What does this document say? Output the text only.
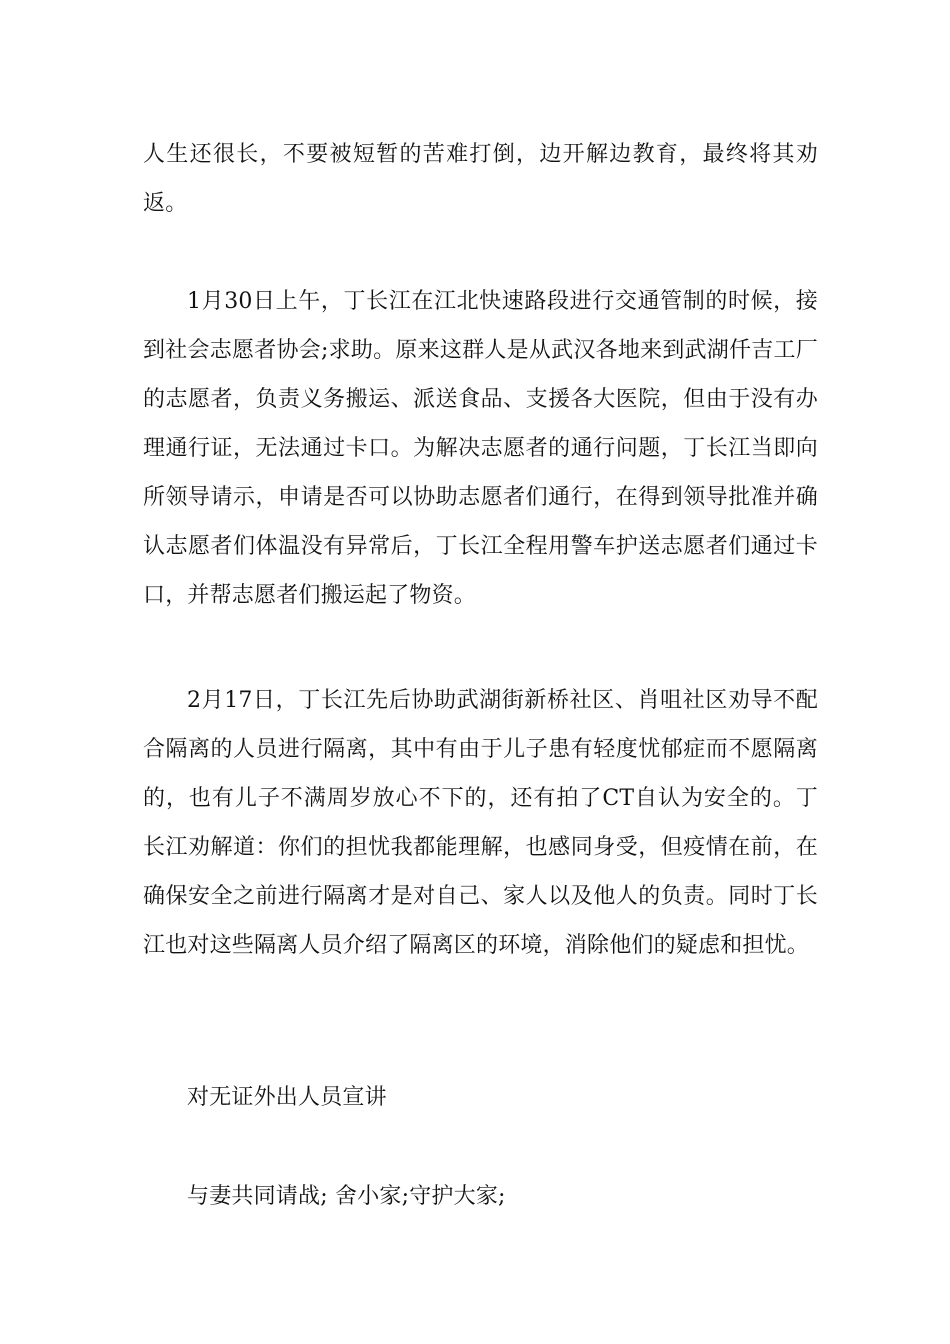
人生还很长，不要被短暂的苦难打倒，边开解边教育，最终将其劝返。

1月30日上午，丁长江在江北快速路段进行交通管制的时候，接到社会志愿者协会;求助。原来这群人是从武汉各地来到武湖仟吉工厂的志愿者，负责义务搬运、派送食品、支援各大医院，但由于没有办理通行证，无法通过卡口。为解决志愿者的通行问题，丁长江当即向所领导请示，申请是否可以协助志愿者们通行，在得到领导批准并确认志愿者们体温没有异常后，丁长江全程用警车护送志愿者们通过卡口，并帮志愿者们搬运起了物资。

2月17日，丁长江先后协助武湖街新桥社区、肖咀社区劝导不配合隔离的人员进行隔离，其中有由于儿子患有轻度忧郁症而不愿隔离的，也有儿子不满周岁放心不下的，还有拍了CT自认为安全的。丁长江劝解道：你们的担忧我都能理解，也感同身受，但疫情在前，在确保安全之前进行隔离才是对自己、家人以及他人的负责。同时丁长江也对这些隔离人员介绍了隔离区的环境，消除他们的疑虑和担忧。

对无证外出人员宣讲

与妻共同请战; 舍小家;守护大家;
